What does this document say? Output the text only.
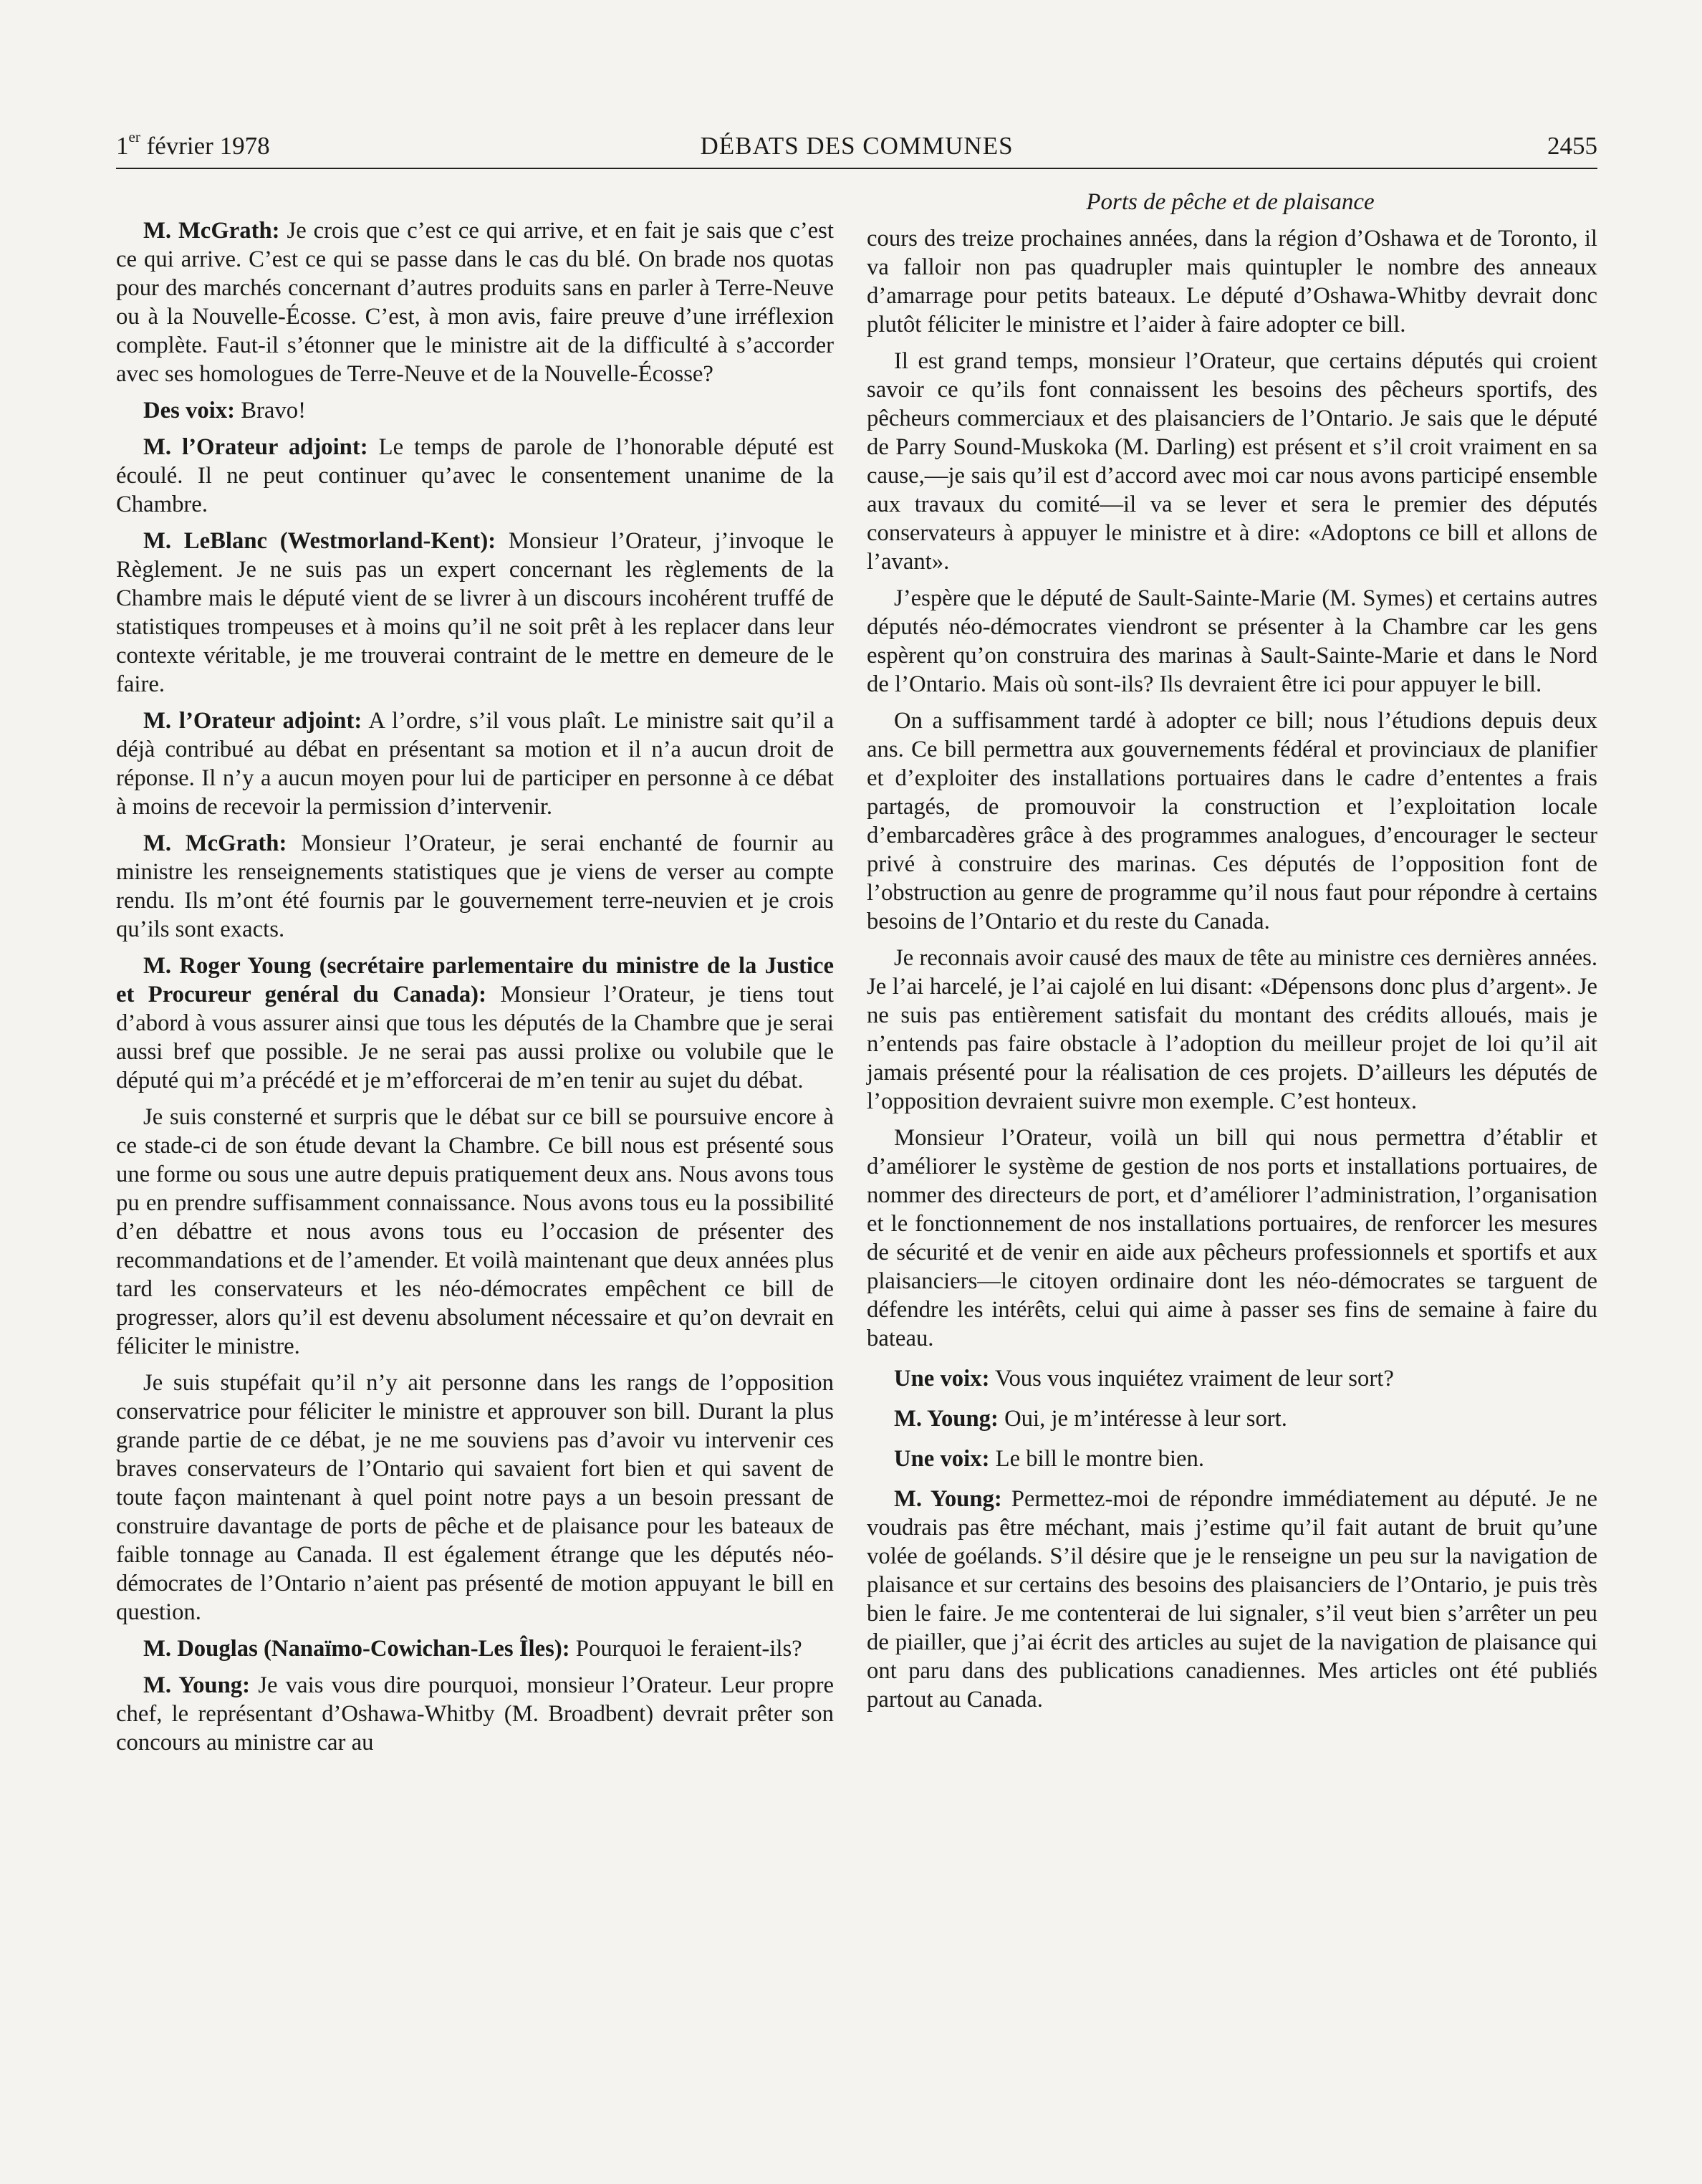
1er février 1978	DÉBATS DES COMMUNES	2455
Ports de pêche et de plaisance

M. McGrath: Je crois que c’est ce qui arrive, et en fait je sais que c’est ce qui arrive. C’est ce qui se passe dans le cas du blé. On brade nos quotas pour des marchés concernant d’autres produits sans en parler à Terre-Neuve ou à la Nouvelle-Écosse. C’est, à mon avis, faire preuve d’une irréflexion complète. Faut-il s’étonner que le ministre ait de la difficulté à s’accorder avec ses homologues de Terre-Neuve et de la Nouvelle-Écosse?

Des voix: Bravo!

M. l’Orateur adjoint: Le temps de parole de l’honorable député est écoulé. Il ne peut continuer qu’avec le consentement unanime de la Chambre.

M. LeBlanc (Westmorland-Kent): Monsieur l’Orateur, j’invoque le Règlement. Je ne suis pas un expert concernant les règlements de la Chambre mais le député vient de se livrer à un discours incohérent truffé de statistiques trompeuses et à moins qu’il ne soit prêt à les replacer dans leur contexte véritable, je me trouverai contraint de le mettre en demeure de le faire.

M. l’Orateur adjoint: A l’ordre, s’il vous plaît. Le ministre sait qu’il a déjà contribué au débat en présentant sa motion et il n’a aucun droit de réponse. Il n’y a aucun moyen pour lui de participer en personne à ce débat à moins de recevoir la permission d’intervenir.

M. McGrath: Monsieur l’Orateur, je serai enchanté de fournir au ministre les renseignements statistiques que je viens de verser au compte rendu. Ils m’ont été fournis par le gouvernement terre-neuvien et je crois qu’ils sont exacts.

M. Roger Young (secrétaire parlementaire du ministre de la Justice et Procureur genéral du Canada): Monsieur l’Orateur, je tiens tout d’abord à vous assurer ainsi que tous les députés de la Chambre que je serai aussi bref que possible. Je ne serai pas aussi prolixe ou volubile que le député qui m’a précédé et je m’efforcerai de m’en tenir au sujet du débat.

Je suis consterné et surpris que le débat sur ce bill se poursuive encore à ce stade-ci de son étude devant la Chambre. Ce bill nous est présenté sous une forme ou sous une autre depuis pratiquement deux ans. Nous avons tous pu en prendre suffisamment connaissance. Nous avons tous eu la possibilité d’en débattre et nous avons tous eu l’occasion de présenter des recommandations et de l’amender. Et voilà maintenant que deux années plus tard les conservateurs et les néo-démocrates empêchent ce bill de progresser, alors qu’il est devenu absolument nécessaire et qu’on devrait en féliciter le ministre.

Je suis stupéfait qu’il n’y ait personne dans les rangs de l’opposition conservatrice pour féliciter le ministre et approuver son bill. Durant la plus grande partie de ce débat, je ne me souviens pas d’avoir vu intervenir ces braves conservateurs de l’Ontario qui savaient fort bien et qui savent de toute façon maintenant à quel point notre pays a un besoin pressant de construire davantage de ports de pêche et de plaisance pour les bateaux de faible tonnage au Canada. Il est également étrange que les députés néo-démocrates de l’Ontario n’aient pas présenté de motion appuyant le bill en question.

M. Douglas (Nanaïmo-Cowichan-Les Îles): Pourquoi le feraient-ils?

M. Young: Je vais vous dire pourquoi, monsieur l’Orateur. Leur propre chef, le représentant d’Oshawa-Whitby (M. Broadbent) devrait prêter son concours au ministre car au

cours des treize prochaines années, dans la région d’Oshawa et de Toronto, il va falloir non pas quadrupler mais quintupler le nombre des anneaux d’amarrage pour petits bateaux. Le député d’Oshawa-Whitby devrait donc plutôt féliciter le ministre et l’aider à faire adopter ce bill.

Il est grand temps, monsieur l’Orateur, que certains députés qui croient savoir ce qu’ils font connaissent les besoins des pêcheurs sportifs, des pêcheurs commerciaux et des plaisanciers de l’Ontario. Je sais que le député de Parry Sound-Muskoka (M. Darling) est présent et s’il croit vraiment en sa cause,—je sais qu’il est d’accord avec moi car nous avons participé ensemble aux travaux du comité—il va se lever et sera le premier des députés conservateurs à appuyer le ministre et à dire: «Adoptons ce bill et allons de l’avant».

J’espère que le député de Sault-Sainte-Marie (M. Symes) et certains autres députés néo-démocrates viendront se présenter à la Chambre car les gens espèrent qu’on construira des marinas à Sault-Sainte-Marie et dans le Nord de l’Ontario. Mais où sont-ils? Ils devraient être ici pour appuyer le bill.

On a suffisamment tardé à adopter ce bill; nous l’étudions depuis deux ans. Ce bill permettra aux gouvernements fédéral et provinciaux de planifier et d’exploiter des installations portuaires dans le cadre d’ententes a frais partagés, de promouvoir la construction et l’exploitation locale d’embarcadères grâce à des programmes analogues, d’encourager le secteur privé à construire des marinas. Ces députés de l’opposition font de l’obstruction au genre de programme qu’il nous faut pour répondre à certains besoins de l’Ontario et du reste du Canada.

Je reconnais avoir causé des maux de tête au ministre ces dernières années. Je l’ai harcelé, je l’ai cajolé en lui disant: «Dépensons donc plus d’argent». Je ne suis pas entièrement satisfait du montant des crédits alloués, mais je n’entends pas faire obstacle à l’adoption du meilleur projet de loi qu’il ait jamais présenté pour la réalisation de ces projets. D’ailleurs les députés de l’opposition devraient suivre mon exemple. C’est honteux.

Monsieur l’Orateur, voilà un bill qui nous permettra d’établir et d’améliorer le système de gestion de nos ports et installations portuaires, de nommer des directeurs de port, et d’améliorer l’administration, l’organisation et le fonctionnement de nos installations portuaires, de renforcer les mesures de sécurité et de venir en aide aux pêcheurs professionnels et sportifs et aux plaisanciers—le citoyen ordinaire dont les néo-démocrates se targuent de défendre les intérêts, celui qui aime à passer ses fins de semaine à faire du bateau.

Une voix: Vous vous inquiétez vraiment de leur sort?

M. Young: Oui, je m’intéresse à leur sort.

Une voix: Le bill le montre bien.

M. Young: Permettez-moi de répondre immédiatement au député. Je ne voudrais pas être méchant, mais j’estime qu’il fait autant de bruit qu’une volée de goélands. S’il désire que je le renseigne un peu sur la navigation de plaisance et sur certains des besoins des plaisanciers de l’Ontario, je puis très bien le faire. Je me contenterai de lui signaler, s’il veut bien s’arrêter un peu de piailler, que j’ai écrit des articles au sujet de la navigation de plaisance qui ont paru dans des publications canadiennes. Mes articles ont été publiés partout au Canada.
